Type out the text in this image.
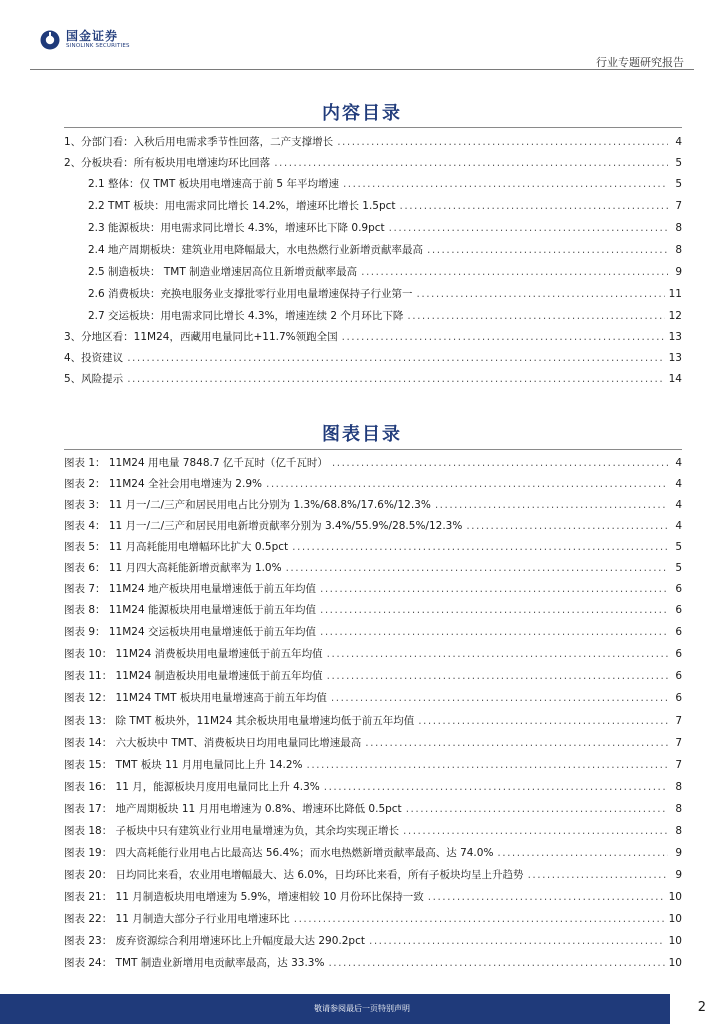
国金证券
SINOLINK SECURITIES
行业专题研究报告
内容目录
1、分部门看：入秋后用电需求季节性回落，二产支撑增长 .....	4
2、分板块看：所有板块用电增速均环比回落 .....	5
2.1 整体：仅 TMT 板块用电增速高于前 5 年平均增速 .....	5
2.2 TMT 板块：用电需求同比增长 14.2%，增速环比增长 1.5pct .....	7
2.3 能源板块：用电需求同比增长 4.3%，增速环比下降 0.9pct .....	8
2.4 地产周期板块：建筑业用电降幅最大，水电热燃行业新增贡献率最高 .....	8
2.5 制造板块： TMT 制造业增速居高位且新增贡献率最高 .....	9
2.6 消费板块：充换电服务业支撑批零行业用电量增速保持子行业第一 .....	11
2.7 交运板块：用电需求同比增长 4.3%，增速连续 2 个月环比下降 .....	12
3、分地区看：11M24，西藏用电量同比+11.7%领跑全国 .....	13
4、投资建议 .....	13
5、风险提示 .....	14
图表目录
图表 1： 11M24 用电量 7848.7 亿千瓦时（亿千瓦时） .....	4
图表 2： 11M24 全社会用电增速为 2.9% .....	4
图表 3： 11 月一/二/三产和居民用电占比分别为 1.3%/68.8%/17.6%/12.3% .....	4
图表 4： 11 月一/二/三产和居民用电新增贡献率分别为 3.4%/55.9%/28.5%/12.3% .....	4
图表 5： 11 月高耗能用电增幅环比扩大 0.5pct .....	5
图表 6： 11 月四大高耗能新增贡献率为 1.0% .....	5
图表 7： 11M24 地产板块用电量增速低于前五年均值 .....	6
图表 8： 11M24 能源板块用电量增速低于前五年均值 .....	6
图表 9： 11M24 交运板块用电量增速低于前五年均值 .....	6
图表 10： 11M24 消费板块用电量增速低于前五年均值 .....	6
图表 11： 11M24 制造板块用电量增速低于前五年均值 .....	6
图表 12： 11M24 TMT 板块用电量增速高于前五年均值 .....	6
图表 13： 除 TMT 板块外，11M24 其余板块用电量增速均低于前五年均值 .....	7
图表 14： 六大板块中 TMT、消费板块日均用电量同比增速最高 .....	7
图表 15： TMT 板块 11 月用电量同比上升 14.2% .....	7
图表 16： 11 月，能源板块月度用电量同比上升 4.3% .....	8
图表 17： 地产周期板块 11 月用电增速为 0.8%、增速环比降低 0.5pct .....	8
图表 18： 子板块中只有建筑业行业用电量增速为负，其余均实现正增长 .....	8
图表 19： 四大高耗能行业用电占比最高达 56.4%；而水电热燃新增贡献率最高、达 74.0% .....	9
图表 20： 日均同比来看，农业用电增幅最大、达 6.0%，日均环比来看，所有子板块均呈上升趋势 .....	9
图表 21： 11 月制造板块用电增速为 5.9%，增速相较 10 月份环比保持一致 .....	10
图表 22： 11 月制造大部分子行业用电增速环比 .....	10
图表 23： 废弃资源综合利用增速环比上升幅度最大达 290.2pct .....	10
图表 24： TMT 制造业新增用电贡献率最高，达 33.3% .....	10
敬请参阅最后一页特别声明	2
